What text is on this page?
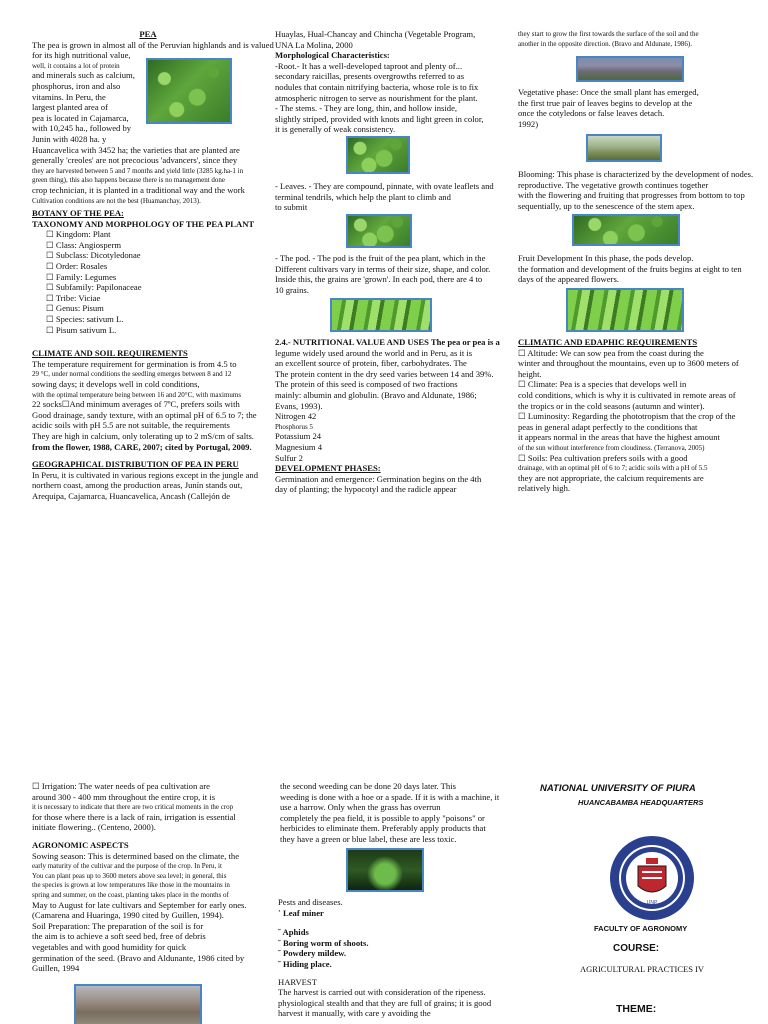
PEA

The pea is grown in almost all of the Peruvian highlands and is valued

for its high nutritional value,

well, it contains a lot of protein

and minerals such as calcium,

phosphorus, iron and also

vitamins. In Peru, the

largest planted area of

pea is located in Cajamarca,

with 10,245 ha., followed by

Junin with 4028 ha. y

Huancavelica with 3452 ha; the varieties that are planted are

generally 'creoles' are not precocious 'advancers', since they

they are harvested between 5 and 7 months and yield little (3285 kg.ha-1 in

green thing), this also happens because there is no management done

crop technician, it is planted in a traditional way and the work

Cultivation conditions are not the best (Huamanchay, 2013).

BOTANY OF THE PEA:

TAXONOMY AND MORPHOLOGY OF THE PEA PLANT

☐ Kingdom: Plant

☐ Class: Angiosperm

☐ Subclass: Dicotyledonae

☐ Order: Rosales

☐ Family: Legumes

☐ Subfamily: Papilonaceae

☐ Tribe: Viciae

☐ Genus: Pisum

☐ Species: sativum L.

☐ Pisum sativum L.

CLIMATE AND SOIL REQUIREMENTS

The temperature requirement for germination is from 4.5 to

29 °C, under normal conditions the seedling emerges between 8 and 12

sowing days; it develops well in cold conditions,

with the optimal temperature being between 16 and 20°C, with maximums

22 socks☐And minimum averages of 7ºC, prefers soils with

Good drainage, sandy texture, with an optimal pH of 6.5 to 7; the

acidic soils with pH 5.5 are not suitable, the requirements

They are high in calcium, only tolerating up to 2 mS/cm of salts.

from the flower, 1988, CARE, 2007; cited by Portugal, 2009.

GEOGRAPHICAL DISTRIBUTION OF PEA IN PERU

In Peru, it is cultivated in various regions except in the jungle and

northern coast, among the production areas, Junín stands out,

Arequipa, Cajamarca, Huancavelica, Ancash (Callejón de

Huaylas, Hual-Chancay and Chincha (Vegetable Program,

UNA La Molina, 2000

Morphological Characteristics:

-Root.- It has a well-developed taproot and plenty of...

secondary raicillas, presents overgrowths referred to as

nodules that contain nitrifying bacteria, whose role is to fix

atmospheric nitrogen to serve as nourishment for the plant.

- The stems. - They are long, thin, and hollow inside,

slightly striped, provided with knots and light green in color,

it is generally of weak consistency.

- Leaves. - They are compound, pinnate, with ovate leaflets and

terminal tendrils, which help the plant to climb and

to submit

- The pod. - The pod is the fruit of the pea plant, which in the

Different cultivars vary in terms of their size, shape, and color.

Inside this, the grains are 'grown'. In each pod, there are 4 to

10 grains.

2.4.- NUTRITIONAL VALUE AND USES The pea or pea is a

legume widely used around the world and in Peru, as it is

an excellent source of protein, fiber, carbohydrates. The

The protein content in the dry seed varies between 14 and 39%.

The protein of this seed is composed of two fractions

mainly: albumin and globulin. (Bravo and Aldunate, 1986;

Evans, 1993).

Nitrogen 42

Phosphorus 5

Potassium 24

Magnesium 4

Sulfur 2

DEVELOPMENT PHASES:

Germination and emergence: Germination begins on the 4th

day of planting; the hypocotyl and the radicle appear

they start to grow the first towards the surface of the soil and the

another in the opposite direction. (Bravo and Aldunate, 1986).

Vegetative phase: Once the small plant has emerged,

the first true pair of leaves begins to develop at the

once the cotyledons or false leaves detach.

1992)

Blooming: This phase is characterized by the development of nodes.

reproductive. The vegetative growth continues together

with the flowering and fruiting that progresses from bottom to top

sequentially, up to the senescence of the stem apex.

Fruit Development In this phase, the pods develop.

the formation and development of the fruits begins at eight to ten

days of the appeared flowers.

CLIMATIC AND EDAPHIC REQUIREMENTS

☐ Altitude: We can sow pea from the coast during the

winter and throughout the mountains, even up to 3600 meters of

height.

☐ Climate: Pea is a species that develops well in

cold conditions, which is why it is cultivated in remote areas of

the tropics or in the cold seasons (autumn and winter).

☐ Luminosity: Regarding the phototropism that the crop of the

peas in general adapt perfectly to the conditions that

it appears normal in the areas that have the highest amount

of the sun without interference from cloudiness. (Terranova, 2005)

☐ Soils: Pea cultivation prefers soils with a good

drainage, with an optimal pH of 6 to 7; acidic soils with a pH of 5.5

they are not appropriate, the calcium requirements are

relatively high.

☐ Irrigation: The water needs of pea cultivation are

around 300 - 400 mm throughout the entire crop, it is

it is necessary to indicate that there are two critical moments in the crop

for those where there is a lack of rain, irrigation is essential

initiate flowering.. (Centeno, 2000).

AGRONOMIC ASPECTS

Sowing season: This is determined based on the climate, the

early maturity of the cultivar and the purpose of the crop. In Peru, it

You can plant peas up to 3600 meters above sea level; in general, this

the species is grown at low temperatures like those in the mountains in

spring and summer, on the coast, planting takes place in the months of

May to August for late cultivars and September for early ones.

(Camarena and Huaringa, 1990 cited by Guillen, 1994).

Soil Preparation: The preparation of the soil is for

the aim is to achieve a soft seed bed, free of debris

vegetables and with good humidity for quick

germination of the seed. (Bravo and Aldunante, 1986 cited by

Guillen, 1994

the second weeding can be done 20 days later. This

weeding is done with a hoe or a spade. If it is with a machine, it

use a harrow. Only when the grass has overrun

completely the pea field, it is possible to apply "poisons" or

herbicides to eliminate them. Preferably apply products that

they have a green or blue label, these are less toxic.

Pests and diseases.

˙ Leaf miner

˘ Aphids

˘ Boring worm of shoots.

˘ Powdery mildew.

˘ Hiding place.

HARVEST

The harvest is carried out with consideration of the ripeness.

physiological stealth and that they are full of grains; it is good

harvest it manually, with care y avoiding the

NATIONAL UNIVERSITY OF PIURA
HUANCABAMBA HEADQUARTERS
UNP
FACULTY OF AGRONOMY
COURSE:
AGRICULTURAL PRACTICES IV
THEME:
